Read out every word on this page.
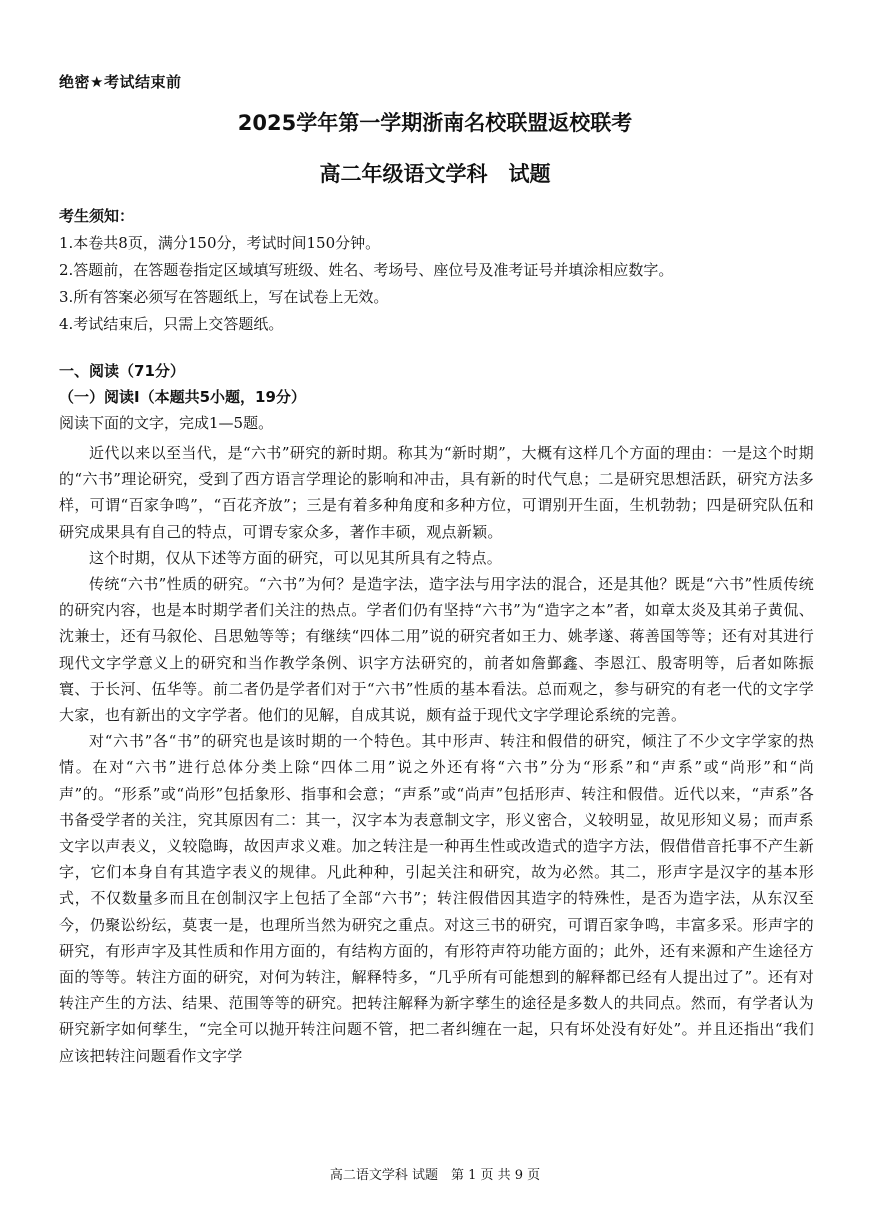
绝密★考试结束前
2025学年第一学期浙南名校联盟返校联考
高二年级语文学科　试题
考生须知：
1.本卷共8页，满分150分，考试时间150分钟。
2.答题前，在答题卷指定区域填写班级、姓名、考场号、座位号及准考证号并填涂相应数字。
3.所有答案必须写在答题纸上，写在试卷上无效。
4.考试结束后，只需上交答题纸。
一、阅读（71分）
（一）阅读Ⅰ（本题共5小题，19分）
阅读下面的文字，完成1—5题。

近代以来以至当代，是“六书”研究的新时期。称其为“新时期”，大概有这样几个方面的理由：一是这个时期的“六书”理论研究，受到了西方语言学理论的影响和冲击，具有新的时代气息；二是研究思想活跃，研究方法多样，可谓“百家争鸣”，“百花齐放”；三是有着多种角度和多种方位，可谓别开生面，生机勃勃；四是研究队伍和研究成果具有自己的特点，可谓专家众多，著作丰硕，观点新颖。

这个时期，仅从下述等方面的研究，可以见其所具有之特点。

传统“六书”性质的研究。“六书”为何？是造字法，造字法与用字法的混合，还是其他？既是“六书”性质传统的研究内容，也是本时期学者们关注的热点。学者们仍有坚持“六书”为“造字之本”者，如章太炎及其弟子黄侃、沈兼士，还有马叙伦、吕思勉等等；有继续“四体二用”说的研究者如王力、姚孝遂、蒋善国等等；还有对其进行现代文字学意义上的研究和当作教学条例、识字方法研究的，前者如詹鄞鑫、李恩江、殷寄明等，后者如陈振寰、于长河、伍华等。前二者仍是学者们对于“六书”性质的基本看法。总而观之，参与研究的有老一代的文字学大家，也有新出的文字学者。他们的见解，自成其说，颇有益于现代文字学理论系统的完善。

对“六书”各“书”的研究也是该时期的一个特色。其中形声、转注和假借的研究，倾注了不少文字学家的热情。在对“六书”进行总体分类上除“四体二用”说之外还有将“六书”分为“形系”和“声系”或“尚形”和“尚声”的。“形系”或“尚形”包括象形、指事和会意；“声系”或“尚声”包括形声、转注和假借。近代以来，“声系”各书备受学者的关注，究其原因有二：其一，汉字本为表意制文字，形义密合，义较明显，故见形知义易；而声系文字以声表义，义较隐晦，故因声求义难。加之转注是一种再生性或改造式的造字方法，假借借音托事不产生新字，它们本身自有其造字表义的规律。凡此种种，引起关注和研究，故为必然。其二，形声字是汉字的基本形式，不仅数量多而且在创制汉字上包括了全部“六书”；转注假借因其造字的特殊性，是否为造字法，从东汉至今，仍聚讼纷纭，莫衷一是，也理所当然为研究之重点。对这三书的研究，可谓百家争鸣，丰富多采。形声字的研究，有形声字及其性质和作用方面的，有结构方面的，有形符声符功能方面的；此外，还有来源和产生途径方面的等等。转注方面的研究，对何为转注，解释特多，“几乎所有可能想到的解释都已经有人提出过了”。还有对转注产生的方法、结果、范围等等的研究。把转注解释为新字孳生的途径是多数人的共同点。然而，有学者认为研究新字如何孳生，“完全可以抛开转注问题不管，把二者纠缠在一起，只有坏处没有好处”。并且还指出“我们应该把转注问题看作文字学

高二语文学科 试题　第 1 页 共 9 页
